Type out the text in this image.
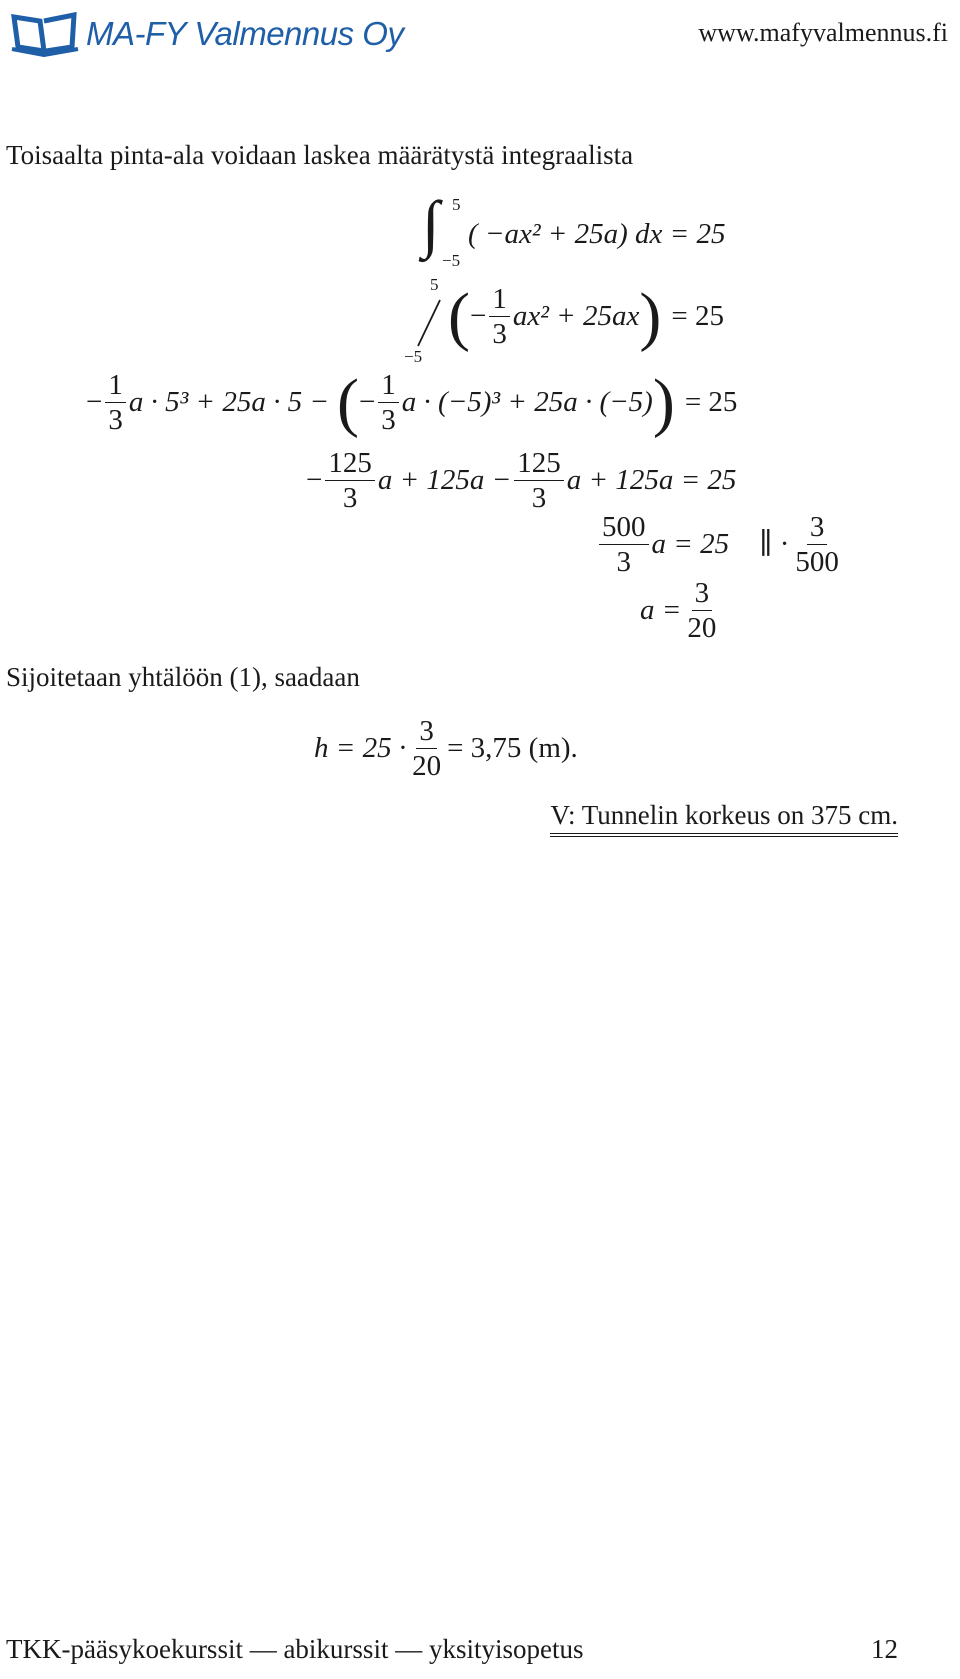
MA-FY Valmennus Oy	www.mafyvalmennus.fi
Toisaalta pinta-ala voidaan laskea määrätystä integraalista
∫ 5
−5
( −ax² + 25a) dx = 25
5
−5
( − $\frac{1}{3} ax^2 + 25ax$ ) = 25
− $\frac{1}{3}$ a · 5³ + 25a · 5 − ( − $\frac{1}{3}$ a · (−5)³ + 25a · (−5) ) = 25
− $\frac{125}{3}$ $a + 125a - \frac{125}{3}$ a + 125a = 25
$\frac{500}{3}$ a = 25 ∥ · $\frac{3}{500}$
$a = \frac{3}{20}$
Sijoitetaan yhtälöön (1), saadaan
$h = 25 \cdot \frac{3}{20} = 3,75$ (m).
V: Tunnelin korkeus on 375 cm.
TKK-pääsykoekurssit — abikurssit — yksityisopetus	12
